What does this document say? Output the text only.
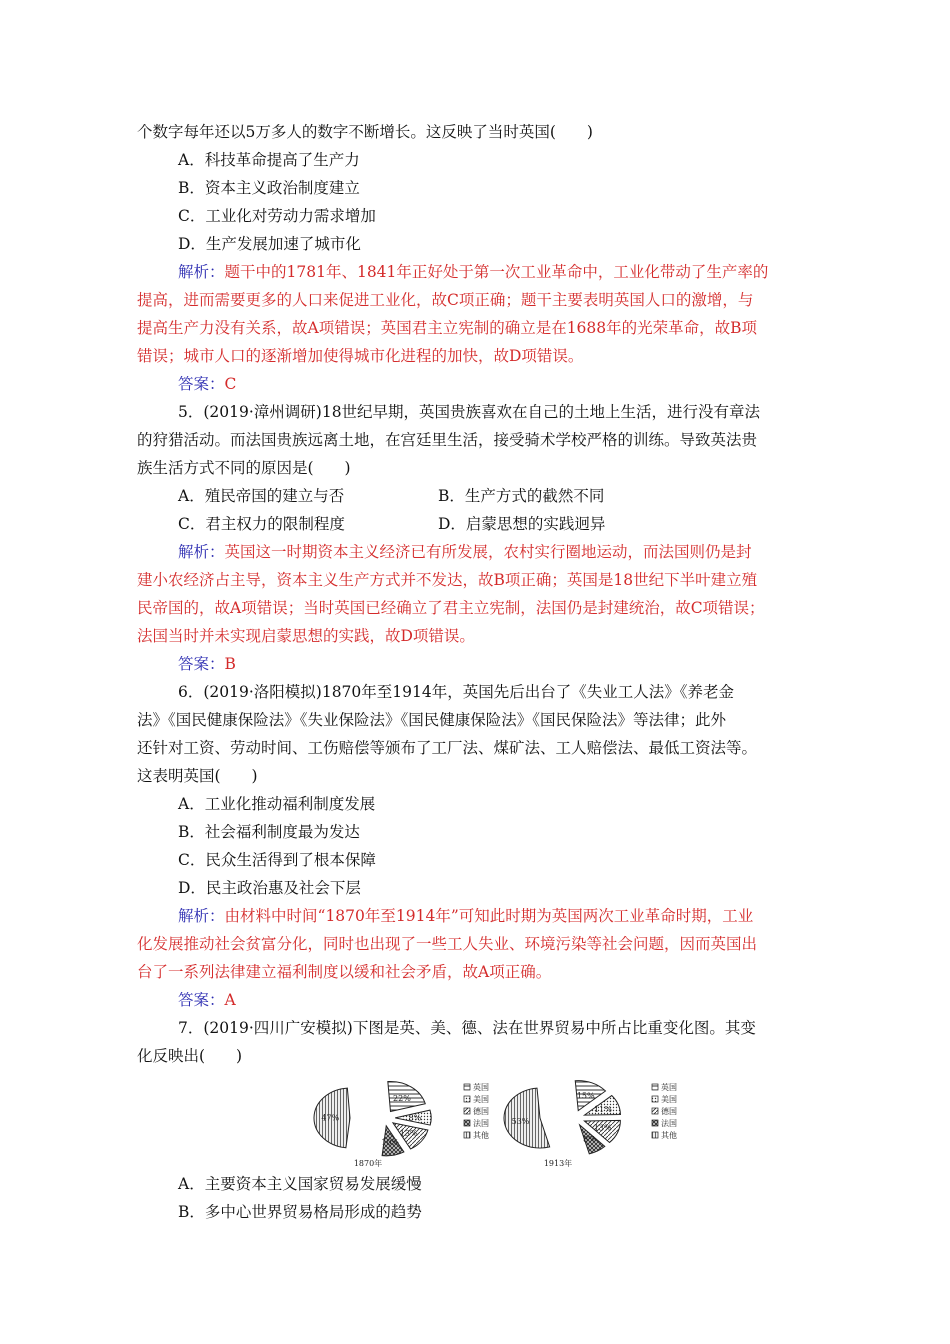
个数字每年还以5万多人的数字不断增长。这反映了当时英国(　　)
A．科技革命提高了生产力
B．资本主义政治制度建立
C．工业化对劳动力需求增加
D．生产发展加速了城市化
解析：题干中的1781年、1841年正好处于第一次工业革命中，工业化带动了生产率的
提高，进而需要更多的人口来促进工业化，故C项正确；题干主要表明英国人口的激增，与
提高生产力没有关系，故A项错误；英国君主立宪制的确立是在1688年的光荣革命，故B项
错误；城市人口的逐渐增加使得城市化进程的加快，故D项错误。
答案：C
5．(2019·漳州调研)18世纪早期，英国贵族喜欢在自己的土地上生活，进行没有章法
的狩猎活动。而法国贵族远离土地，在宫廷里生活，接受骑术学校严格的训练。导致英法贵
族生活方式不同的原因是(　　)
A．殖民帝国的建立与否	B．生产方式的截然不同
C．君主权力的限制程度	D．启蒙思想的实践迥异
解析：英国这一时期资本主义经济已有所发展，农村实行圈地运动，而法国则仍是封
建小农经济占主导，资本主义生产方式并不发达，故B项正确；英国是18世纪下半叶建立殖
民帝国的，故A项错误；当时英国已经确立了君主立宪制，法国仍是封建统治，故C项错误；
法国当时并未实现启蒙思想的实践，故D项错误。
答案：B
6．(2019·洛阳模拟)1870年至1914年，英国先后出台了《失业工人法》《养老金
法》《国民健康保险法》《失业保险法》《国民健康保险法》《国民保险法》等法律；此外
还针对工资、劳动时间、工伤赔偿等颁布了工厂法、煤矿法、工人赔偿法、最低工资法等。
这表明英国(　　)
A．工业化推动福利制度发展
B．社会福利制度最为发达
C．民众生活得到了根本保障
D．民主政治惠及社会下层
解析：由材料中时间“1870年至1914年”可知此时期为英国两次工业革命时期，工业
化发展推动社会贫富分化，同时也出现了一些工人失业、环境污染等社会问题，因而英国出
台了一系列法律建立福利制度以缓和社会矛盾，故A项正确。
答案：A
7．(2019·四川广安模拟)下图是英、美、德、法在世界贸易中所占比重变化图。其变
化反映出(　　)
22%
8%
13%
10%
47%
英国
美国
德国
法国
其他
1870年
15%
11%
13%
8%
53%
英国
美国
德国
法国
其他
1913年
A．主要资本主义国家贸易发展缓慢
B．多中心世界贸易格局形成的趋势
